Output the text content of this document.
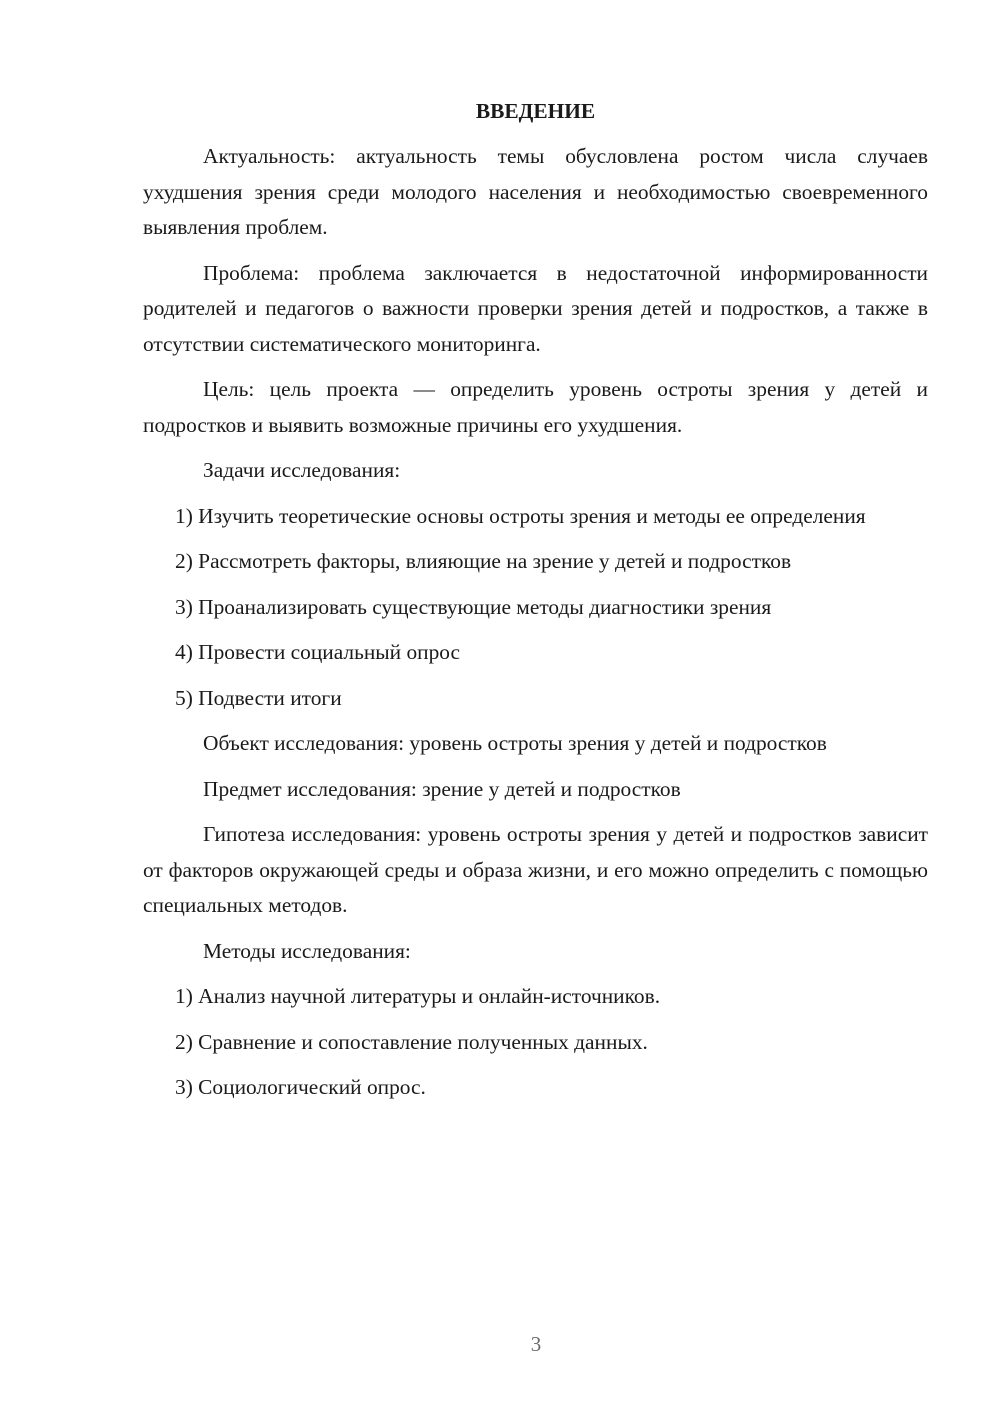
ВВЕДЕНИЕ

Актуальность: актуальность темы обусловлена ростом числа случаев ухудшения зрения среди молодого населения и необходимостью своевременного выявления проблем.

Проблема: проблема заключается в недостаточной информированности родителей и педагогов о важности проверки зрения детей и подростков, а также в отсутствии систематического мониторинга.

Цель: цель проекта — определить уровень остроты зрения у детей и подростков и выявить возможные причины его ухудшения.

Задачи исследования:

1) Изучить теоретические основы остроты зрения и методы ее определения

2) Рассмотреть факторы, влияющие на зрение у детей и подростков

3) Проанализировать существующие методы диагностики зрения

4) Провести социальный опрос

5) Подвести итоги

Объект исследования: уровень остроты зрения у детей и подростков

Предмет исследования: зрение у детей и подростков

Гипотеза исследования: уровень остроты зрения у детей и подростков зависит от факторов окружающей среды и образа жизни, и его можно определить с помощью специальных методов.

Методы исследования:

1) Анализ научной литературы и онлайн-источников.

2) Сравнение и сопоставление полученных данных.

3) Социологический опрос.

3
